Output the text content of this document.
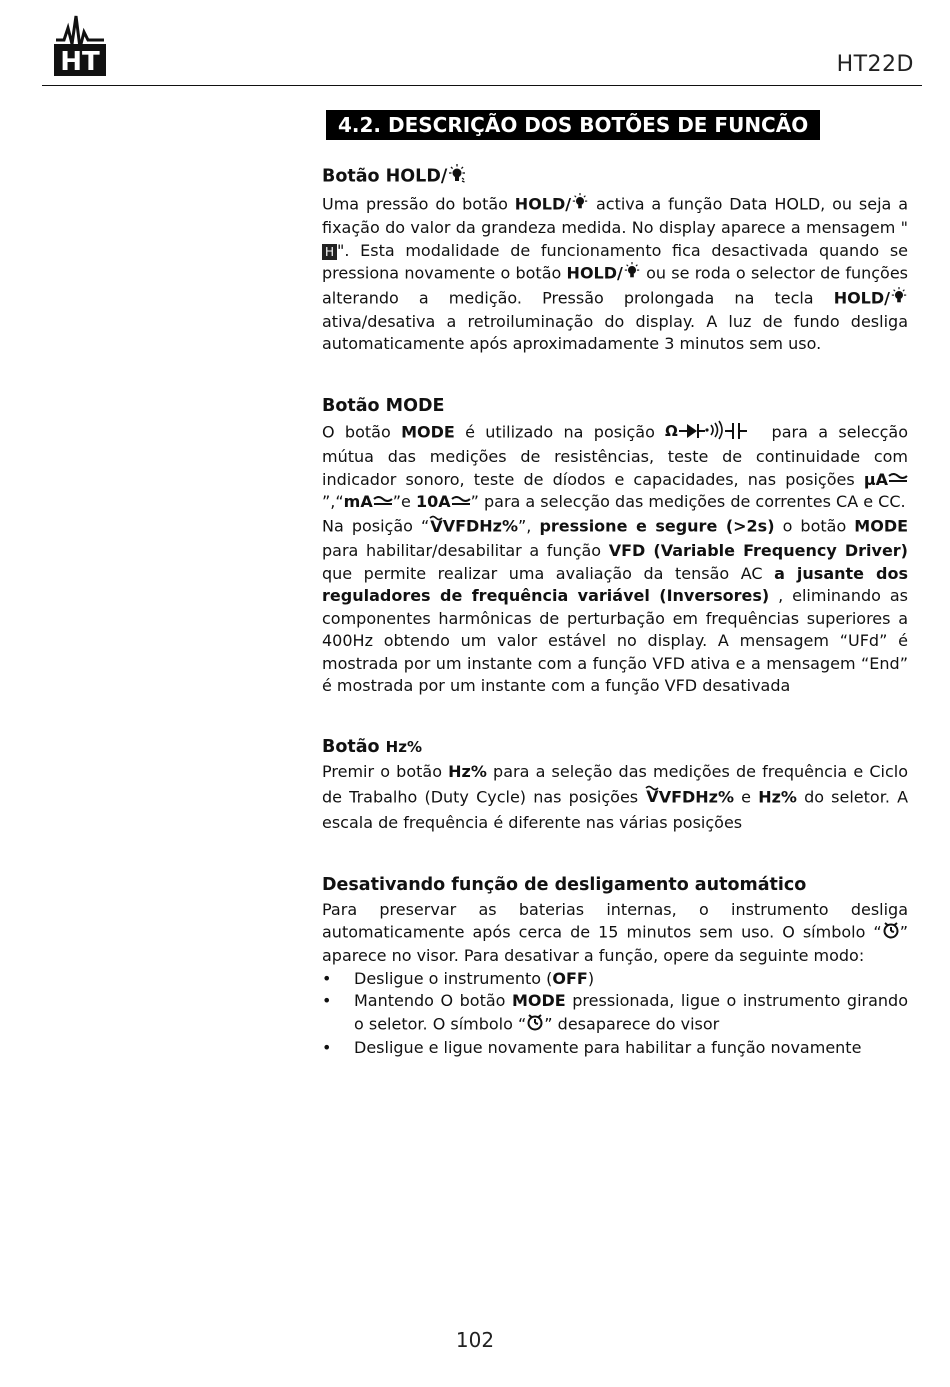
HT	HT22D
4.2. DESCRIÇÃO DOS BOTÕES DE FUNCÃO
Botão HOLD/

Uma pressão do botão HOLD/ activa a função Data HOLD, ou seja a fixação do valor da grandeza medida. No display aparece a mensagem "H ". Esta modalidade de funcionamento fica desactivada quando se pressiona novamente o botão HOLD/ ou se roda o selector de funções alterando a medição. Pressão prolongada na tecla HOLD/ ativa/desativa a retroiluminação do display. A luz de fundo desliga automaticamente após aproximadamente 3 minutos sem uso.

Botão MODE

O botão MODE é utilizado na posição Ω	para a selecção mútua das medições de resistências, teste de continuidade com indicador sonoro, teste de díodos e capacidades, nas posições μA”,“mA ”e 10A ” para a selecção das medições de correntes CA e CC.

Na posição “VVFDHz%”, pressione e segure (>2s) o botão MODE para habilitar/desabilitar a função VFD (Variable Frequency Driver) que permite realizar uma avaliação da tensão AC a jusante dos reguladores de frequência variável (Inversores) , eliminando as componentes harmônicas de perturbação em frequências superiores a 400Hz obtendo um valor estável no display. A mensagem “UFd” é mostrada por um instante com a função VFD ativa e a mensagem “End” é mostrada por um instante com a função VFD desativada

Botão Hz%

Premir o botão Hz% para a seleção das medições de frequência e Ciclo de Trabalho (Duty Cycle) nas posições VVFDHz% e Hz% do seletor. A escala de frequência é diferente nas várias posições

Desativando função de desligamento automático

Para preservar as baterias internas, o instrumento desliga automaticamente após cerca de 15 minutos sem uso. O símbolo “ ” aparece no visor. Para desativar a função, opere da seguinte modo:

• Desligue o instrumento (OFF)
• Mantendo O botão MODE pressionada, ligue o instrumento girando o seletor. O símbolo “ ” desaparece do visor
• Desligue e ligue novamente para habilitar a função novamente
102
